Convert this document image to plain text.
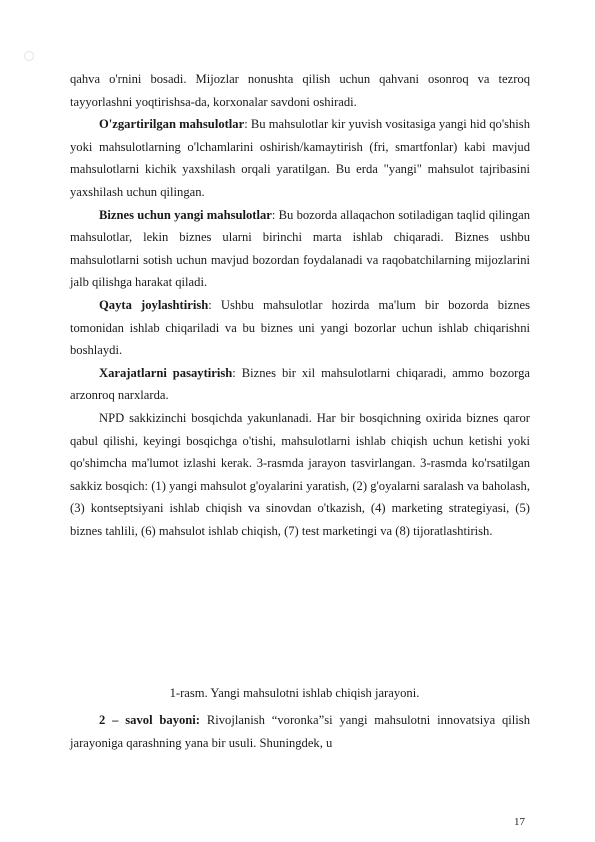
qahva o'rnini bosadi. Mijozlar nonushta qilish uchun qahvani osonroq va tezroq tayyorlashni yoqtirishsa-da, korxonalar savdoni oshiradi.

O'zgartirilgan mahsulotlar: Bu mahsulotlar kir yuvish vositasiga yangi hid qo'shish yoki mahsulotlarning o'lchamlarini oshirish/kamaytirish (fri, smartfonlar) kabi mavjud mahsulotlarni kichik yaxshilash orqali yaratilgan. Bu erda "yangi" mahsulot tajribasini yaxshilash uchun qilingan.

Biznes uchun yangi mahsulotlar: Bu bozorda allaqachon sotiladigan taqlid qilingan mahsulotlar, lekin biznes ularni birinchi marta ishlab chiqaradi. Biznes ushbu mahsulotlarni sotish uchun mavjud bozordan foydalanadi va raqobatchilarning mijozlarini jalb qilishga harakat qiladi.

Qayta joylashtirish: Ushbu mahsulotlar hozirda ma'lum bir bozorda biznes tomonidan ishlab chiqariladi va bu biznes uni yangi bozorlar uchun ishlab chiqarishni boshlaydi.

Xarajatlarni pasaytirish: Biznes bir xil mahsulotlarni chiqaradi, ammo bozorga arzonroq narxlarda.

NPD sakkizinchi bosqichda yakunlanadi. Har bir bosqichning oxirida biznes qaror qabul qilishi, keyingi bosqichga o'tishi, mahsulotlarni ishlab chiqish uchun ketishi yoki qo'shimcha ma'lumot izlashi kerak. 3-rasmda jarayon tasvirlangan. 3-rasmda ko'rsatilgan sakkiz bosqich: (1) yangi mahsulot g'oyalarini yaratish, (2) g'oyalarni saralash va baholash, (3) kontseptsiyani ishlab chiqish va sinovdan o'tkazish, (4) marketing strategiyasi, (5) biznes tahlili, (6) mahsulot ishlab chiqish, (7) test marketingi va (8) tijoratlashtirish.

1-rasm. Yangi mahsulotni ishlab chiqish jarayoni.

2 – savol bayoni: Rivojlanish “voronka”si yangi mahsulotni innovatsiya qilish jarayoniga qarashning yana bir usuli. Shuningdek, u

17
